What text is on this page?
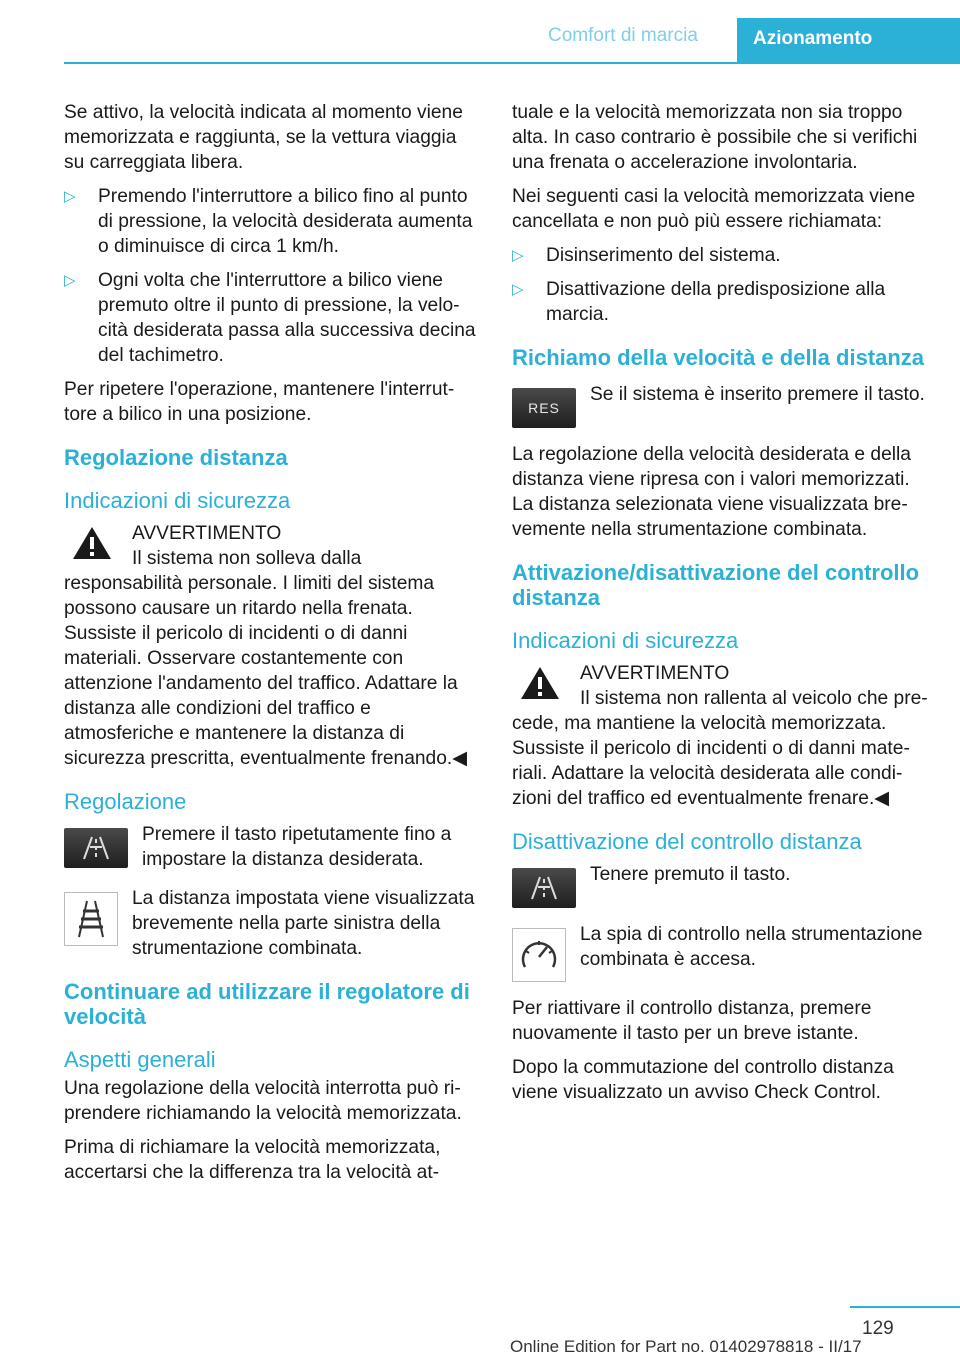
Comfort di marcia	Azionamento

Se attivo, la velocità indicata al momento viene memorizzata e raggiunta, se la vettura viaggia su carreggiata libera.

▷ Premendo l'interruttore a bilico fino al punto di pressione, la velocità desiderata aumenta o diminuisce di circa 1 km/h.
▷ Ogni volta che l'interruttore a bilico viene premuto oltre il punto di pressione, la velocità desiderata passa alla successiva decina del tachimetro.

Per ripetere l'operazione, mantenere l'interruttore a bilico in una posizione.

Regolazione distanza
Indicazioni di sicurezza
AVVERTIMENTO
Il sistema non solleva dalla responsabilità personale. I limiti del sistema possono causare un ritardo nella frenata. Sussiste il pericolo di incidenti o di danni materiali. Osservare costantemente con attenzione l'andamento del traffico. Adattare la distanza alle condizioni del traffico e atmosferiche e mantenere la distanza di sicurezza prescritta, eventualmente frenando.◀
Regolazione
Premere il tasto ripetutamente fino a impostare la distanza desiderata.
La distanza impostata viene visualizzata brevemente nella parte sinistra della strumentazione combinata.
Continuare ad utilizzare il regolatore di velocità
Aspetti generali

Una regolazione della velocità interrotta può riprendere richiamando la velocità memorizzata.

Prima di richiamare la velocità memorizzata, accertarsi che la differenza tra la velocità at-

tuale e la velocità memorizzata non sia troppo alta. In caso contrario è possibile che si verifichi una frenata o accelerazione involontaria.

Nei seguenti casi la velocità memorizzata viene cancellata e non può più essere richiamata:

▷ Disinserimento del sistema.
▷ Disattivazione della predisposizione alla marcia.
Richiamo della velocità e della distanza
RES
Se il sistema è inserito premere il tasto.

La regolazione della velocità desiderata e della distanza viene ripresa con i valori memorizzati. La distanza selezionata viene visualizzata brevemente nella strumentazione combinata.

Attivazione/disattivazione del controllo distanza
Indicazioni di sicurezza
AVVERTIMENTO
Il sistema non rallenta al veicolo che precede, ma mantiene la velocità memorizzata. Sussiste il pericolo di incidenti o di danni materiali. Adattare la velocità desiderata alle condizioni del traffico ed eventualmente frenare.◀
Disattivazione del controllo distanza
Tenere premuto il tasto.
La spia di controllo nella strumentazione combinata è accesa.

Per riattivare il controllo distanza, premere nuovamente il tasto per un breve istante.

Dopo la commutazione del controllo distanza viene visualizzato un avviso Check Control.

129
Online Edition for Part no. 01402978818 - II/17
